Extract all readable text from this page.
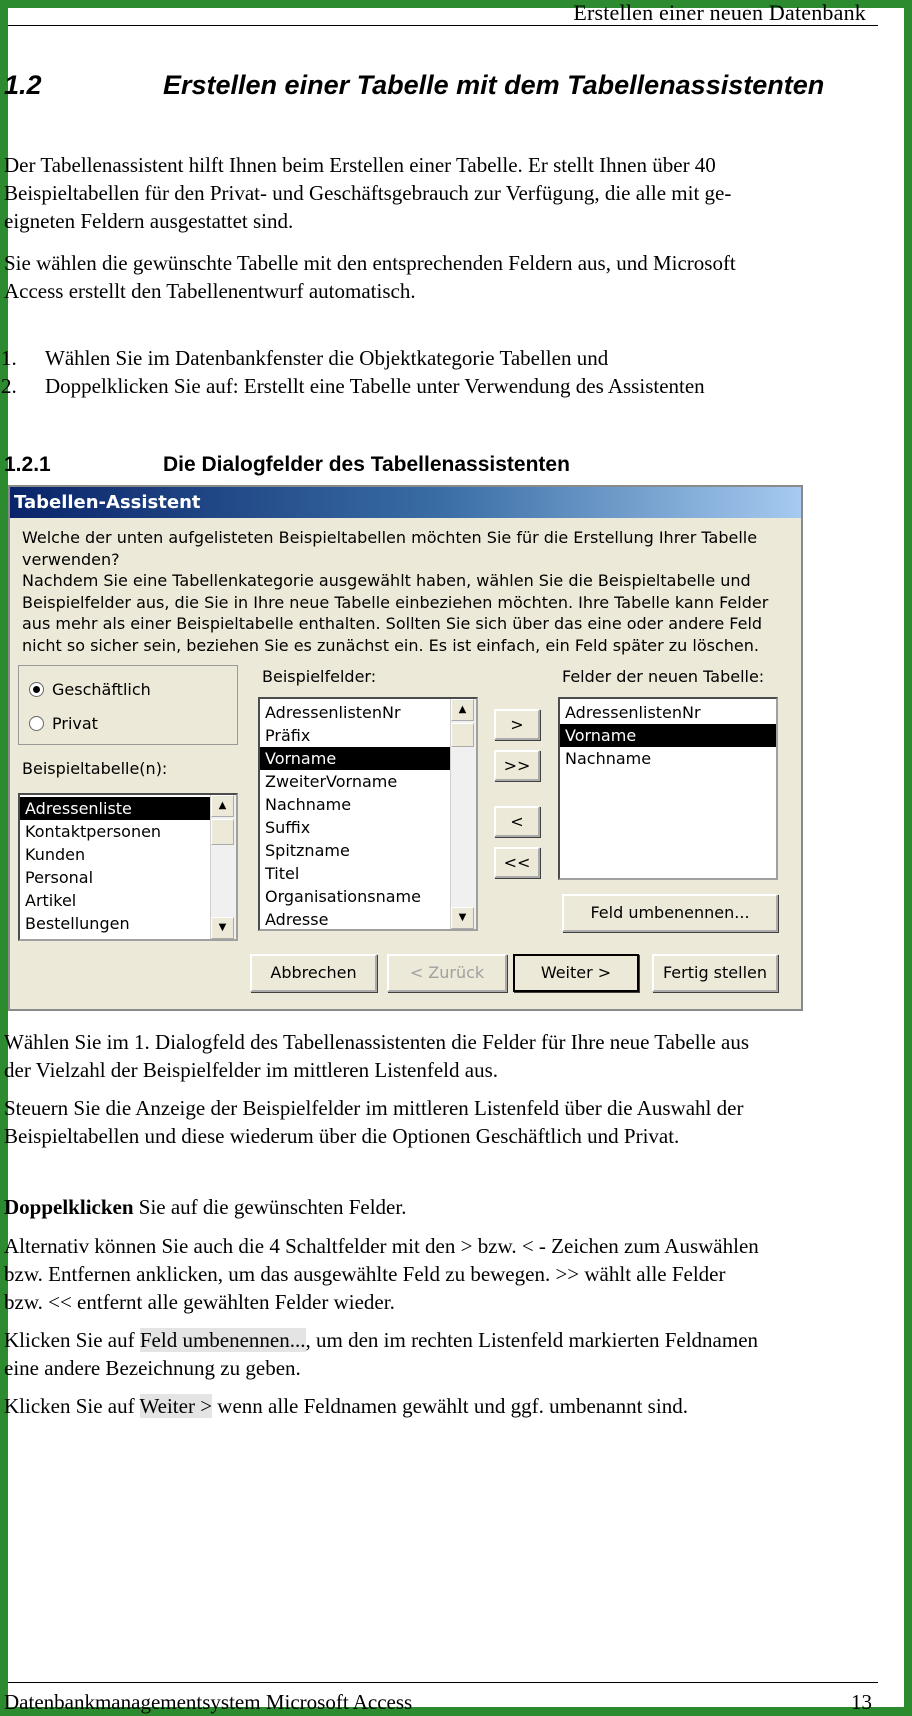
Erstellen einer neuen Datenbank
1.2	Erstellen einer Tabelle mit dem Tabellenassistenten

Der Tabellenassistent hilft Ihnen beim Erstellen einer Tabelle. Er stellt Ihnen über 40
Beispieltabellen für den Privat- und Geschäftsgebrauch zur Verfügung, die alle mit ge-
eigneten Feldern ausgestattet sind.

Sie wählen die gewünschte Tabelle mit den entsprechenden Feldern aus, und Microsoft
Access erstellt den Tabellenentwurf automatisch.

1. Wählen Sie im Datenbankfenster die Objektkategorie Tabellen und
2. Doppelklicken Sie auf: Erstellt eine Tabelle unter Verwendung des Assistenten
1.2.1	Die Dialogfelder des Tabellenassistenten
Tabellen-Assistent

Welche der unten aufgelisteten Beispieltabellen möchten Sie für die Erstellung Ihrer Tabelle
verwenden?
Nachdem Sie eine Tabellenkategorie ausgewählt haben, wählen Sie die Beispieltabelle und
Beispielfelder aus, die Sie in Ihre neue Tabelle einbeziehen möchten. Ihre Tabelle kann Felder
aus mehr als einer Beispieltabelle enthalten. Sollten Sie sich über das eine oder andere Feld
nicht so sicher sein, beziehen Sie es zunächst ein. Es ist einfach, ein Feld später zu löschen.

Geschäftlich
Privat
Beispieltabelle(n):
Adressenliste
Kontaktpersonen
Kunden
Personal
Artikel
Bestellungen
▲
▼
Beispielfelder:
AdressenlistenNr
Präfix
Vorname
ZweiterVorname
Nachname
Suffix
Spitzname
Titel
Organisationsname
Adresse
▲
▼
>
>>
<
<<
Felder der neuen Tabelle:
AdressenlistenNr
Vorname
Nachname
Feld umbenennen...
Abbrechen	< Zurück	Weiter >	Fertig stellen

Wählen Sie im 1. Dialogfeld des Tabellenassistenten die Felder für Ihre neue Tabelle aus
der Vielzahl der Beispielfelder im mittleren Listenfeld aus.

Steuern Sie die Anzeige der Beispielfelder im mittleren Listenfeld über die Auswahl der
Beispieltabellen und diese wiederum über die Optionen Geschäftlich und Privat.

Doppelklicken Sie auf die gewünschten Felder.

Alternativ können Sie auch die 4 Schaltfelder mit den > bzw. < - Zeichen zum Auswählen
bzw. Entfernen anklicken, um das ausgewählte Feld zu bewegen. >> wählt alle Felder
bzw. << entfernt alle gewählten Felder wieder.

Klicken Sie auf Feld umbenennen..., um den im rechten Listenfeld markierten Feldnamen
eine andere Bezeichnung zu geben.

Klicken Sie auf Weiter > wenn alle Feldnamen gewählt und ggf. umbenannt sind.

Datenbankmanagementsystem Microsoft Access	13
